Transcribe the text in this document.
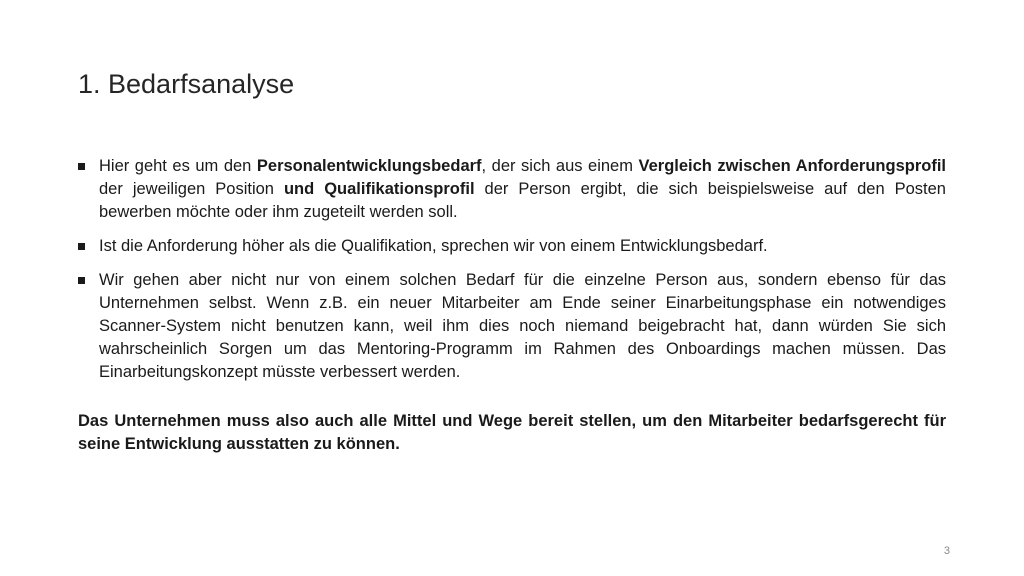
1. Bedarfsanalyse
Hier geht es um den Personalentwicklungsbedarf, der sich aus einem Vergleich zwischen Anforderungsprofil der jeweiligen Position und Qualifikationsprofil der Person ergibt, die sich beispielsweise auf den Posten bewerben möchte oder ihm zugeteilt werden soll.
Ist die Anforderung höher als die Qualifikation, sprechen wir von einem Entwicklungsbedarf.
Wir gehen aber nicht nur von einem solchen Bedarf für die einzelne Person aus, sondern ebenso für das Unternehmen selbst. Wenn z.B. ein neuer Mitarbeiter am Ende seiner Einarbeitungsphase ein notwendiges Scanner-System nicht benutzen kann, weil ihm dies noch niemand beigebracht hat, dann würden Sie sich wahrscheinlich Sorgen um das Mentoring-Programm im Rahmen des Onboardings machen müssen. Das Einarbeitungskonzept müsste verbessert werden.

Das Unternehmen muss also auch alle Mittel und Wege bereit stellen, um den Mitarbeiter bedarfsgerecht für seine Entwicklung ausstatten zu können.

3
